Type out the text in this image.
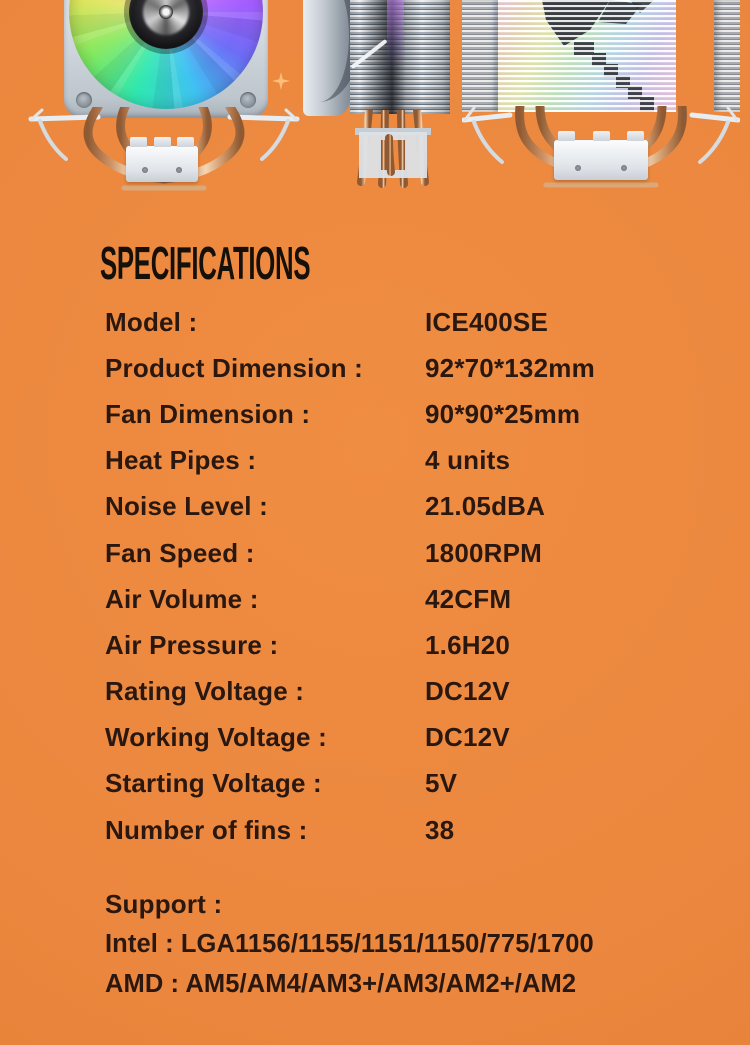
SPECIFICATIONS
Model :	ICE400SE
Product Dimension :	92*70*132mm
Fan Dimension :	90*90*25mm
Heat Pipes :	4 units
Noise Level :	21.05dBA
Fan Speed :	1800RPM
Air Volume :	42CFM
Air Pressure :	1.6H20
Rating Voltage :	DC12V
Working Voltage :	DC12V
Starting Voltage :	5V
Number of fins :	38
Support :
Intel : LGA1156/1155/1151/1150/775/1700
AMD : AM5/AM4/AM3+/AM3/AM2+/AM2
